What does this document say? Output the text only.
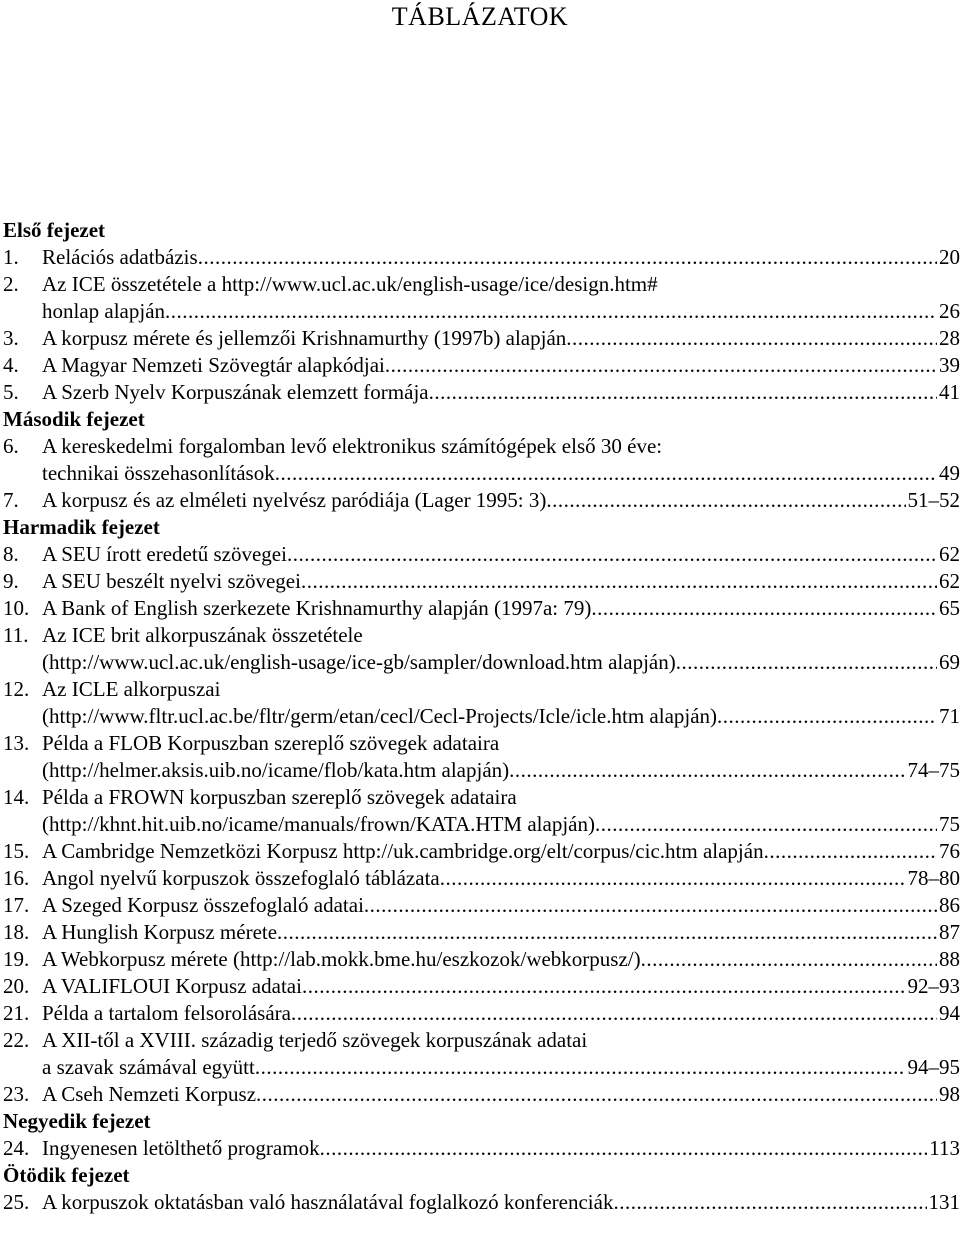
TÁBLÁZATOK
Első fejezet
1.	Relációs adatbázis .....	20
2.	Az ICE összetétele a http://www.ucl.ac.uk/english-usage/ice/design.htm#
honlap alapján .....	26
3.	A korpusz mérete és jellemzői Krishnamurthy (1997b) alapján .....	28
4.	A Magyar Nemzeti Szövegtár alapkódjai .....	39
5.	A Szerb Nyelv Korpuszának elemzett formája .....	41
Második fejezet
6.	A kereskedelmi forgalomban levő elektronikus számítógépek első 30 éve:
technikai összehasonlítások .....	49
7.	A korpusz és az elméleti nyelvész paródiája (Lager 1995: 3) .....	51–52
Harmadik fejezet
8.	A SEU írott eredetű szövegei .....	62
9.	A SEU beszélt nyelvi szövegei .....	62
10. A Bank of English szerkezete Krishnamurthy alapján (1997a: 79) .....	65
11. Az ICE brit alkorpuszának összetétele
(http://www.ucl.ac.uk/english-usage/ice-gb/sampler/download.htm alapján) .....	69
12. Az ICLE alkorpuszai
(http://www.fltr.ucl.ac.be/fltr/germ/etan/cecl/Cecl-Projects/Icle/icle.htm alapján) .....	71
13. Példa a FLOB Korpuszban szereplő szövegek adataira
(http://helmer.aksis.uib.no/icame/flob/kata.htm alapján) .....	74–75
14. Példa a FROWN korpuszban szereplő szövegek adataira
(http://khnt.hit.uib.no/icame/manuals/frown/KATA.HTM alapján) .....	75
15. A Cambridge Nemzetközi Korpusz http://uk.cambridge.org/elt/corpus/cic.htm alapján .....	76
16. Angol nyelvű korpuszok összefoglaló táblázata .....	78–80
17. A Szeged Korpusz összefoglaló adatai .....	86
18. A Hunglish Korpusz mérete .....	87
19. A Webkorpusz mérete (http://lab.mokk.bme.hu/eszkozok/webkorpusz/) .....	88
20. A VALIFLOUI Korpusz adatai .....	92–93
21. Példa a tartalom felsorolására .....	94
22. A XII-től a XVIII. századig terjedő szövegek korpuszának adatai
a szavak számával együtt .....	94–95
23. A Cseh Nemzeti Korpusz .....	98
Negyedik fejezet
24. Ingyenesen letölthető programok .....	113
Ötödik fejezet
25. A korpuszok oktatásban való használatával foglalkozó konferenciák .....	131
